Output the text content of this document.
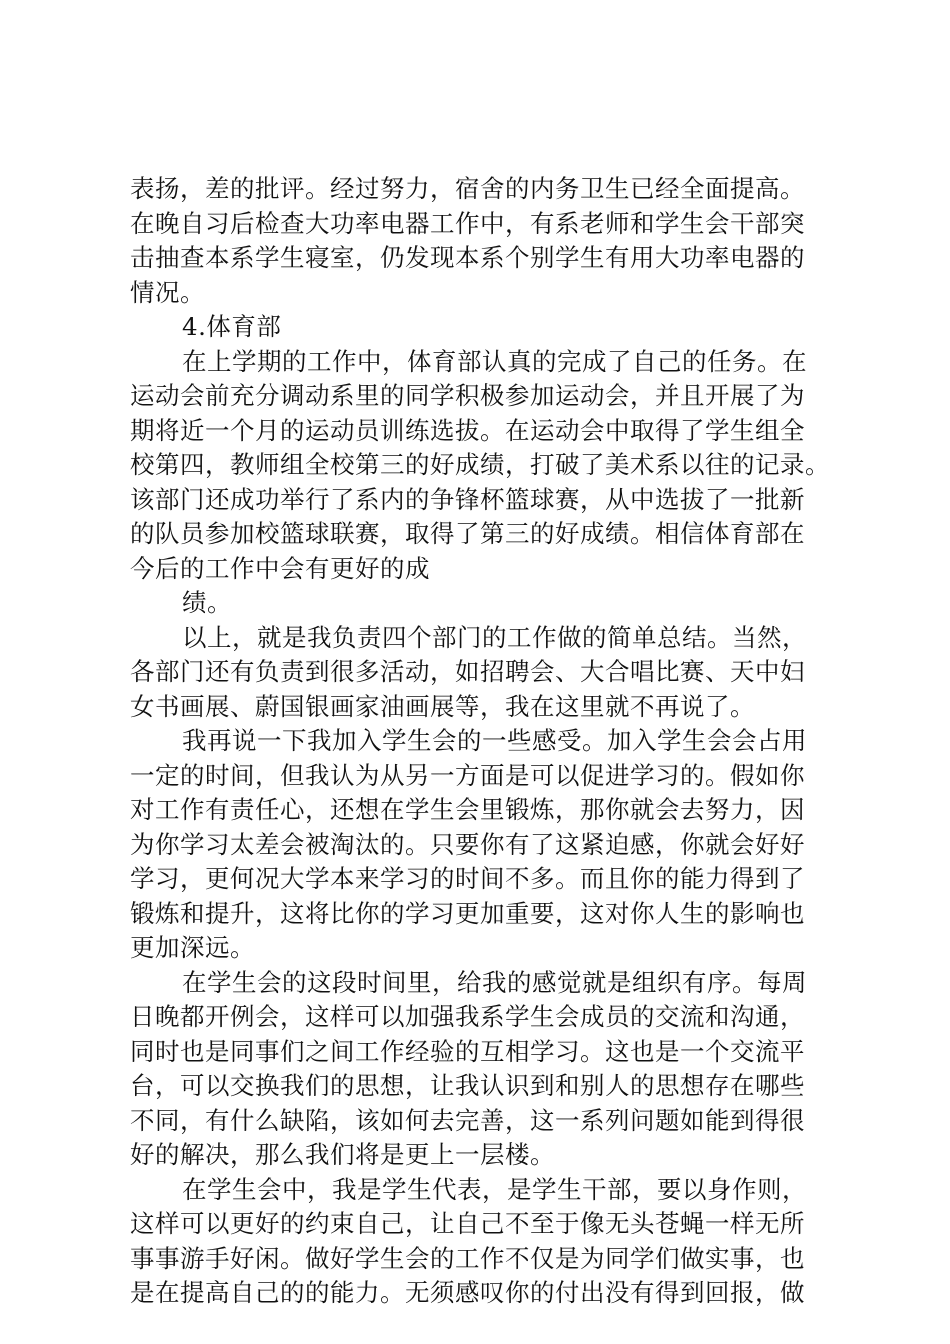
表扬，差的批评。经过努力，宿舍的内务卫生已经全面提高。
在晚自习后检查大功率电器工作中，有系老师和学生会干部突
击抽查本系学生寝室，仍发现本系个别学生有用大功率电器的
情况。
4.体育部
在上学期的工作中，体育部认真的完成了自己的任务。在
运动会前充分调动系里的同学积极参加运动会，并且开展了为
期将近一个月的运动员训练选拔。在运动会中取得了学生组全
校第四，教师组全校第三的好成绩，打破了美术系以往的记录。
该部门还成功举行了系内的争锋杯篮球赛，从中选拔了一批新
的队员参加校篮球联赛，取得了第三的好成绩。相信体育部在
今后的工作中会有更好的成
绩。
以上，就是我负责四个部门的工作做的简单总结。当然，
各部门还有负责到很多活动，如招聘会、大合唱比赛、天中妇
女书画展、蔚国银画家油画展等，我在这里就不再说了。
我再说一下我加入学生会的一些感受。加入学生会会占用
一定的时间，但我认为从另一方面是可以促进学习的。假如你
对工作有责任心，还想在学生会里锻炼，那你就会去努力，因
为你学习太差会被淘汰的。只要你有了这紧迫感，你就会好好
学习，更何况大学本来学习的时间不多。而且你的能力得到了
锻炼和提升，这将比你的学习更加重要，这对你人生的影响也
更加深远。
在学生会的这段时间里，给我的感觉就是组织有序。每周
日晚都开例会，这样可以加强我系学生会成员的交流和沟通，
同时也是同事们之间工作经验的互相学习。这也是一个交流平
台，可以交换我们的思想，让我认识到和别人的思想存在哪些
不同，有什么缺陷，该如何去完善，这一系列问题如能到得很
好的解决，那么我们将是更上一层楼。
在学生会中，我是学生代表，是学生干部，要以身作则，
这样可以更好的约束自己，让自己不至于像无头苍蝇一样无所
事事游手好闲。做好学生会的工作不仅是为同学们做实事，也
是在提高自己的的能力。无须感叹你的付出没有得到回报，做
